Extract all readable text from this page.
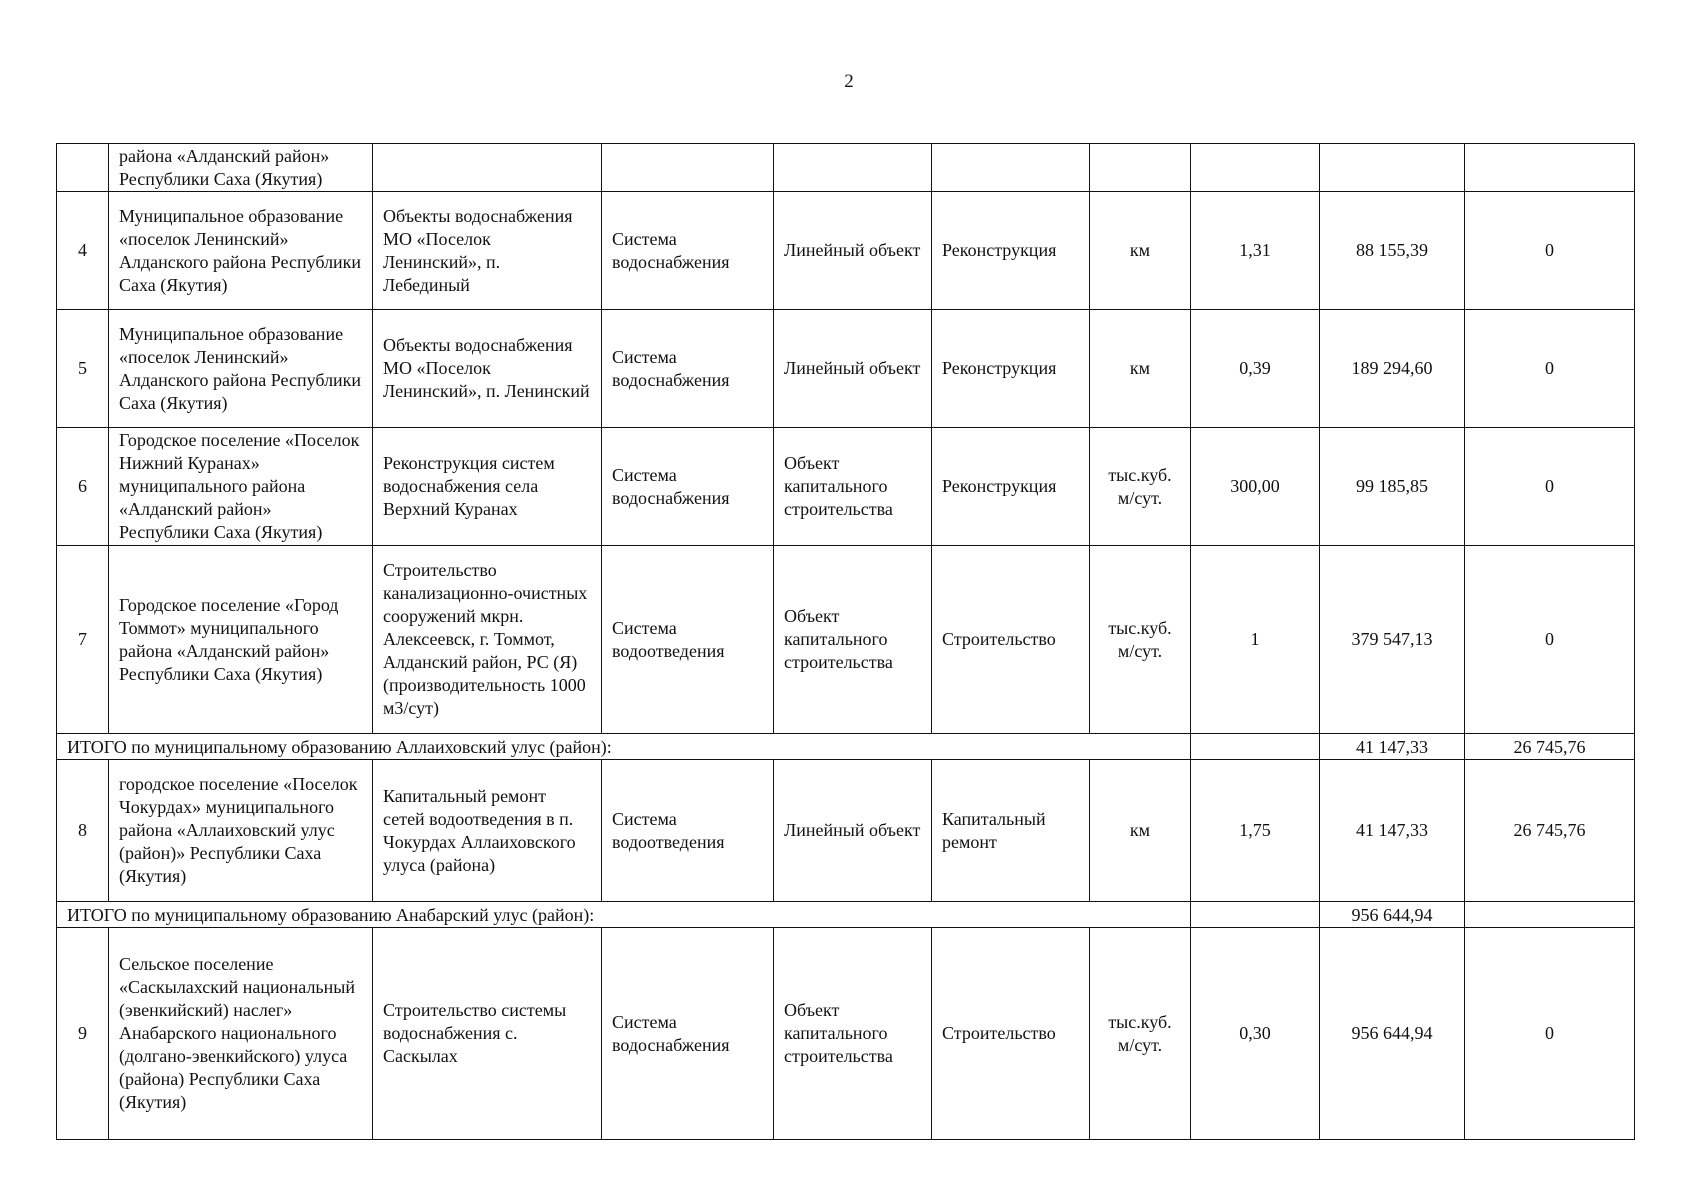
2
	района «Алданский район» Республики Саха (Якутия)								
4	Муниципальное образование «поселок Ленинский» Алданского района Республики Саха (Якутия)	Объекты водоснабжения МО «Поселок Ленинский», п. Лебединый	Система водоснабжения	Линейный объект	Реконструкция	км	1,31	88 155,39	0
5	Муниципальное образование «поселок Ленинский» Алданского района Республики Саха (Якутия)	Объекты водоснабжения МО «Поселок Ленинский», п. Ленинский	Система водоснабжения	Линейный объект	Реконструкция	км	0,39	189 294,60	0
6	Городское поселение «Поселок Нижний Куранах» муниципального района «Алданский район» Республики Саха (Якутия)	Реконструкция систем водоснабжения села Верхний Куранах	Система водоснабжения	Объект капитального строительства	Реконструкция	тыс.куб. м/сут.	300,00	99 185,85	0
7	Городское поселение «Город Томмот» муниципального района «Алданский район» Республики Саха (Якутия)	Строительство канализационно-очистных сооружений мкрн. Алексеевск, г. Томмот, Алданский район, РС (Я) (производительность 1000 м3/сут)	Система водоотведения	Объект капитального строительства	Строительство	тыс.куб. м/сут.	1	379 547,13	0
ИТОГО по муниципальному образованию Аллаиховский улус (район):								41 147,33	26 745,76
8	городское поселение «Поселок Чокурдах» муниципального района «Аллаиховский улус (район)» Республики Саха (Якутия)	Капитальный ремонт сетей водоотведения в п. Чокурдах Аллаиховского улуса (района)	Система водоотведения	Линейный объект	Капитальный ремонт	км	1,75	41 147,33	26 745,76
ИТОГО по муниципальному образованию Анабарский улус (район):								956 644,94	
9	Сельское поселение «Саскылахский национальный (эвенкийский) наслег» Анабарского национального (долгано-эвенкийского) улуса (района) Республики Саха (Якутия)	Строительство системы водоснабжения с. Саскылах	Система водоснабжения	Объект капитального строительства	Строительство	тыс.куб. м/сут.	0,30	956 644,94	0
